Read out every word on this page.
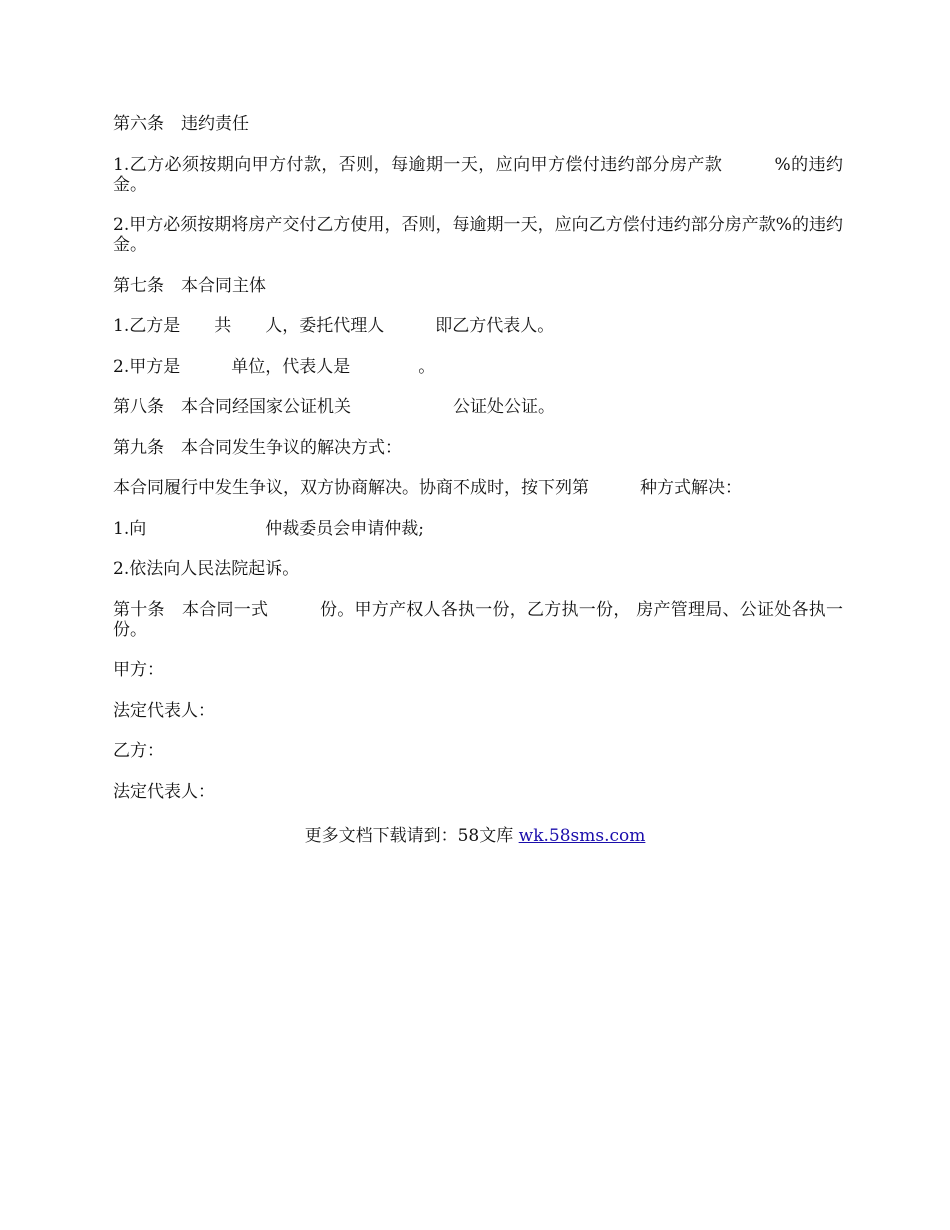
第六条　违约责任

1.乙方必须按期向甲方付款，否则，每逾期一天，应向甲方偿付违约部分房产款　　　%的违约金。

2.甲方必须按期将房产交付乙方使用，否则，每逾期一天，应向乙方偿付违约部分房产款%的违约金。

第七条　本合同主体

1.乙方是　　共　　人，委托代理人　　　即乙方代表人。

2.甲方是　　　单位，代表人是　　　　。

第八条　本合同经国家公证机关　　　　　　公证处公证。

第九条　本合同发生争议的解决方式：

本合同履行中发生争议，双方协商解决。协商不成时，按下列第　　　种方式解决：

1.向　　　　　　　仲裁委员会申请仲裁;

2.依法向人民法院起诉。

第十条　本合同一式　　　份。甲方产权人各执一份，乙方执一份， 房产管理局、公证处各执一份。

甲方：

法定代表人：

乙方：

法定代表人：

更多文档下载请到：58文库 wk.58sms.com
